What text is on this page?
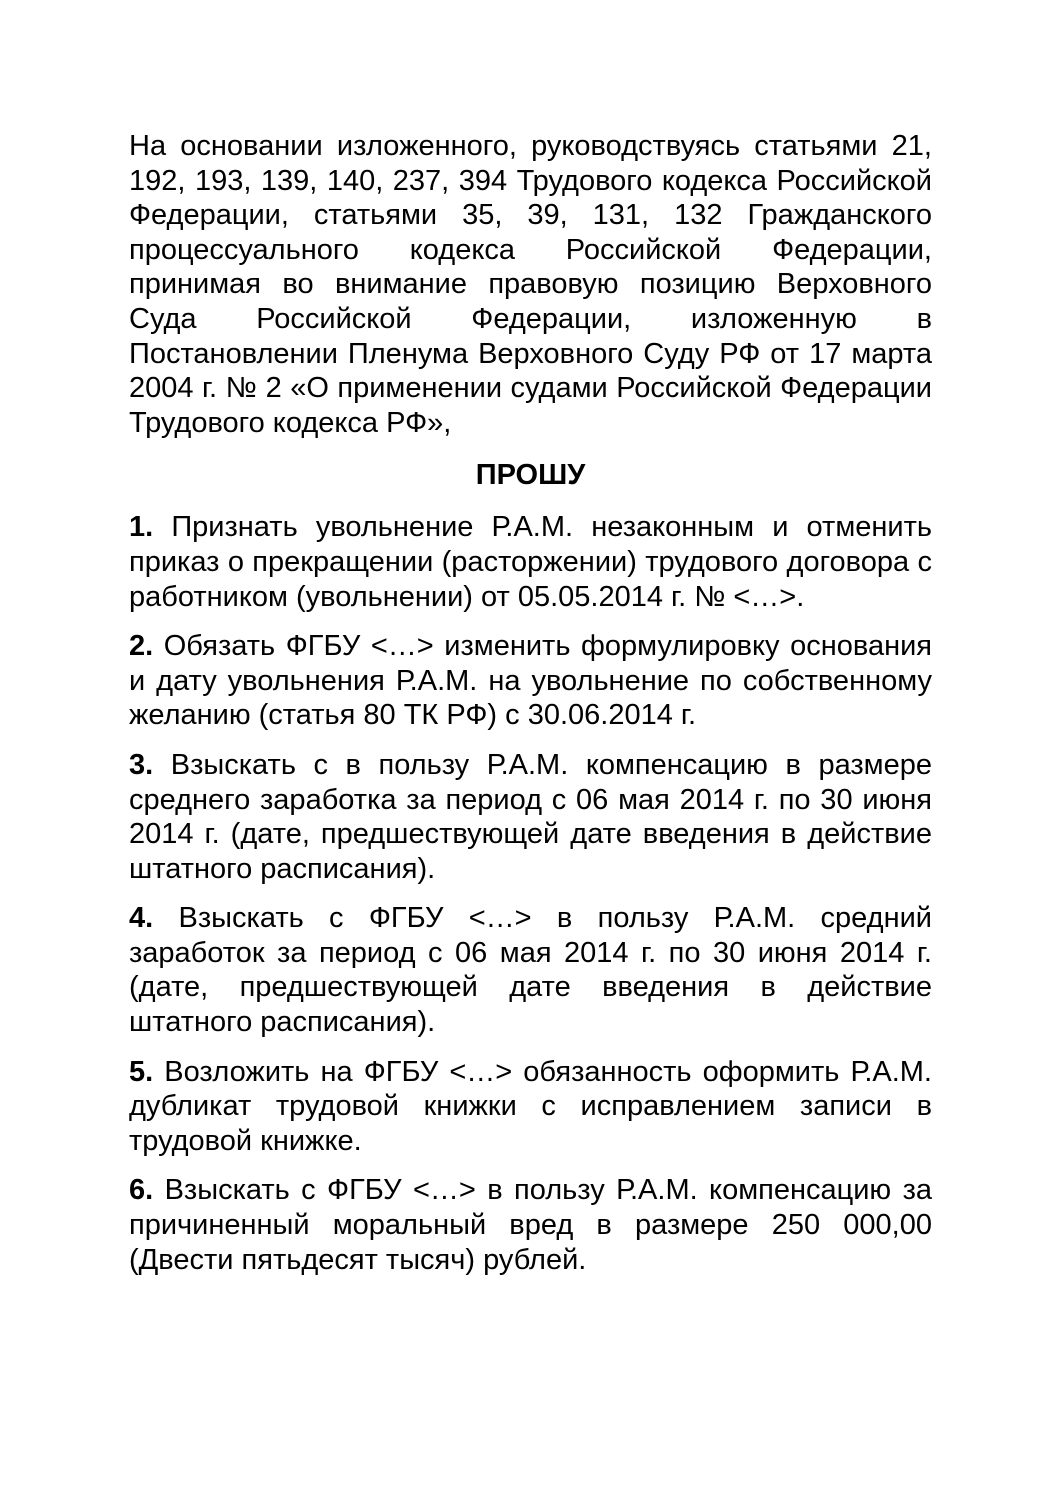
На основании изложенного, руководствуясь статьями 21, 192, 193, 139, 140, 237, 394 Трудового кодекса Российской Федерации, статьями 35, 39, 131, 132 Гражданского процессуального кодекса Российской Федерации, принимая во внимание правовую позицию Верховного Суда Российской Федерации, изложенную в Постановлении Пленума Верховного Суду РФ от 17 марта 2004 г. № 2 «О применении судами Российской Федерации Трудового кодекса РФ»,

ПРОШУ

1. Признать увольнение Р.А.М. незаконным и отменить приказ о прекращении (расторжении) трудового договора с работником (увольнении) от 05.05.2014 г. № <…>.

2. Обязать ФГБУ <…> изменить формулировку основания и дату увольнения Р.А.М. на увольнение по собственному желанию (статья 80 ТК РФ) с 30.06.2014 г.

3. Взыскать с в пользу Р.А.М. компенсацию в размере среднего заработка за период с 06 мая 2014 г. по 30 июня 2014 г. (дате, предшествующей дате введения в действие штатного расписания).

4. Взыскать с ФГБУ <…> в пользу Р.А.М. средний заработок за период с 06 мая 2014 г. по 30 июня 2014 г. (дате, предшествующей дате введения в действие штатного расписания).

5. Возложить на ФГБУ <…> обязанность оформить Р.А.М. дубликат трудовой книжки с исправлением записи в трудовой книжке.

6. Взыскать с ФГБУ <…> в пользу Р.А.М. компенсацию за причиненный моральный вред в размере 250 000,00 (Двести пятьдесят тысяч) рублей.
